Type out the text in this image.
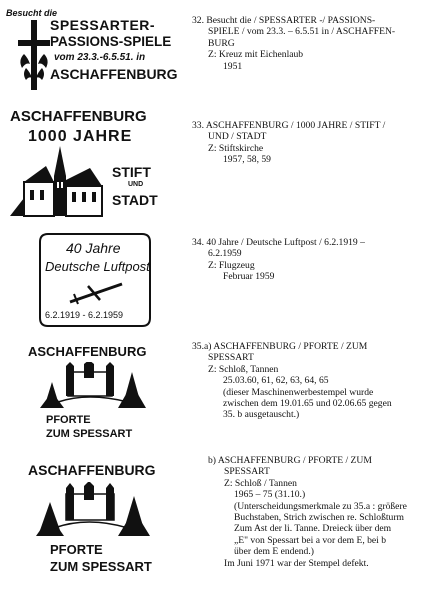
Besucht die
SPESSARTER-
PASSIONS-SPIELE
vom 23.3.-6.5.51. in
ASCHAFFENBURG
ASCHAFFENBURG
1000 JAHRE
STIFT
UND
STADT
40 Jahre
Deutsche Luftpost
6.2.1919 - 6.2.1959
ASCHAFFENBURG
PFORTE
ZUM SPESSART
ASCHAFFENBURG
PFORTE
ZUM SPESSART
32. Besucht die / SPESSARTER -/ PASSIONS-
SPIELE / vom 23.3. – 6.5.51 in / ASCHAFFEN-
BURG
Z: Kreuz mit Eichenlaub
1951
33. ASCHAFFENBURG / 1000 JAHRE / STIFT /
UND / STADT
Z: Stiftskirche
1957, 58, 59
34. 40 Jahre / Deutsche Luftpost / 6.2.1919 –
6.2.1959
Z: Flugzeug
Februar 1959
35.a) ASCHAFFENBURG / PFORTE / ZUM
SPESSART
Z: Schloß, Tannen
25.03.60, 61, 62, 63, 64, 65
(dieser Maschinenwerbestempel wurde
zwischen dem 19.01.65 und 02.06.65 gegen
35. b ausgetauscht.)
b) ASCHAFFENBURG / PFORTE / ZUM
SPESSART
Z: Schloß / Tannen
1965 – 75 (31.10.)
(Unterscheidungsmerkmale zu 35.a : größere
Buchstaben, Strich zwischen re. Schloßturm
Zum Ast der li. Tanne. Dreieck über dem
„E" von Spessart bei a vor dem E, bei b
über dem E endend.)
Im Juni 1971 war der Stempel defekt.
